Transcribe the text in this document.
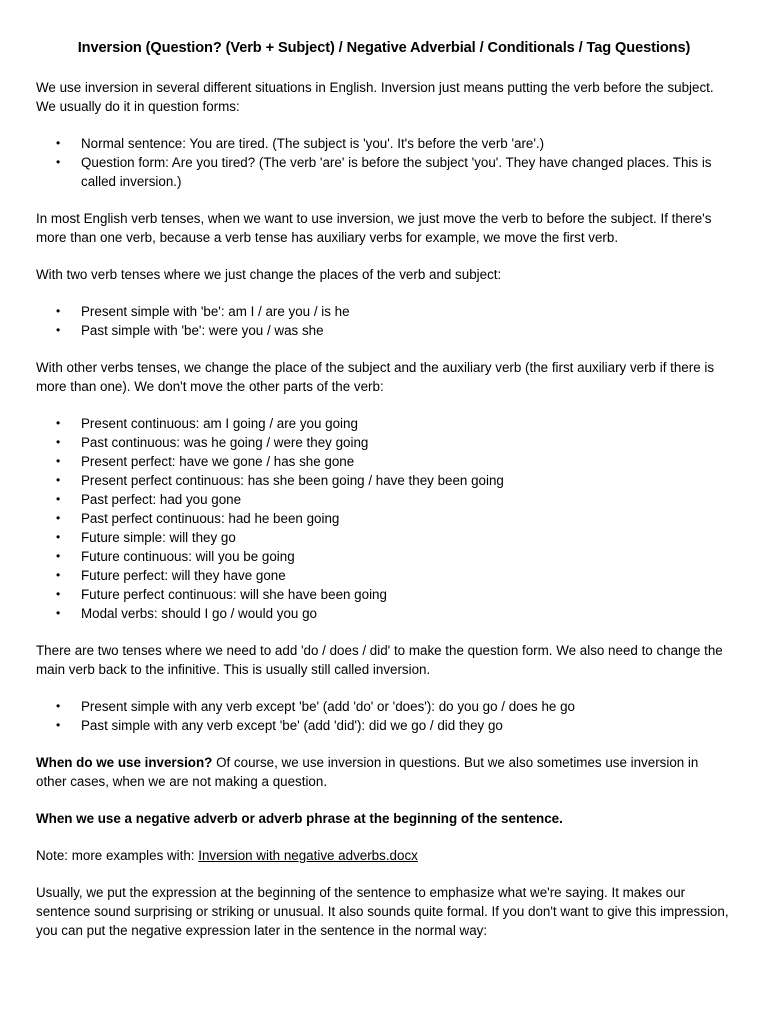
Inversion (Question? (Verb + Subject) / Negative Adverbial / Conditionals / Tag Questions)

We use inversion in several different situations in English. Inversion just means putting the verb before the subject. We usually do it in question forms:

• Normal sentence: You are tired. (The subject is 'you'. It's before the verb 'are'.)
• Question form: Are you tired? (The verb 'are' is before the subject 'you'. They have changed places. This is called inversion.)

In most English verb tenses, when we want to use inversion, we just move the verb to before the subject. If there's more than one verb, because a verb tense has auxiliary verbs for example, we move the first verb.

With two verb tenses where we just change the places of the verb and subject:

• Present simple with 'be': am I / are you / is he
• Past simple with 'be': were you / was she

With other verbs tenses, we change the place of the subject and the auxiliary verb (the first auxiliary verb if there is more than one). We don't move the other parts of the verb:

• Present continuous: am I going / are you going
• Past continuous: was he going / were they going
• Present perfect: have we gone / has she gone
• Present perfect continuous: has she been going / have they been going
• Past perfect: had you gone
• Past perfect continuous: had he been going
• Future simple: will they go
• Future continuous: will you be going
• Future perfect: will they have gone
• Future perfect continuous: will she have been going
• Modal verbs: should I go / would you go

There are two tenses where we need to add 'do / does / did' to make the question form. We also need to change the main verb back to the infinitive. This is usually still called inversion.

• Present simple with any verb except 'be' (add 'do' or 'does'): do you go / does he go
• Past simple with any verb except 'be' (add 'did'): did we go / did they go

When do we use inversion? Of course, we use inversion in questions. But we also sometimes use inversion in other cases, when we are not making a question.

When we use a negative adverb or adverb phrase at the beginning of the sentence.

Note: more examples with: Inversion with negative adverbs.docx

Usually, we put the expression at the beginning of the sentence to emphasize what we're saying. It makes our sentence sound surprising or striking or unusual. It also sounds quite formal. If you don't want to give this impression, you can put the negative expression later in the sentence in the normal way:
